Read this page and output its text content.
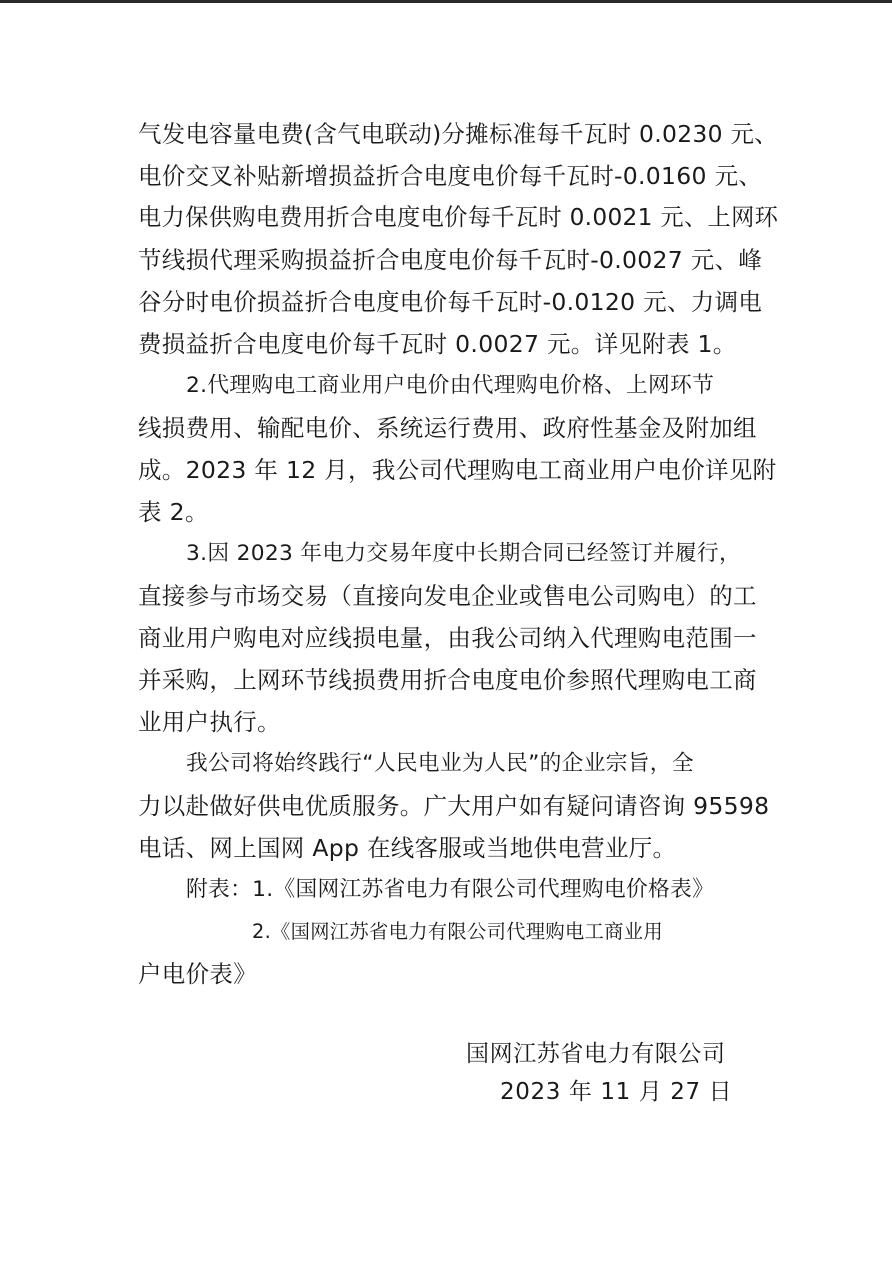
气发电容量电费(含气电联动)分摊标准每千瓦时 0.0230 元、
电价交叉补贴新增损益折合电度电价每千瓦时-0.0160 元、
电力保供购电费用折合电度电价每千瓦时 0.0021 元、上网环
节线损代理采购损益折合电度电价每千瓦时-0.0027 元、峰
谷分时电价损益折合电度电价每千瓦时-0.0120 元、力调电
费损益折合电度电价每千瓦时 0.0027 元。详见附表 1。
2.代理购电工商业用户电价由代理购电价格、上网环节
线损费用、输配电价、系统运行费用、政府性基金及附加组
成。2023 年 12 月，我公司代理购电工商业用户电价详见附
表 2。
3.因 2023 年电力交易年度中长期合同已经签订并履行，
直接参与市场交易（直接向发电企业或售电公司购电）的工
商业用户购电对应线损电量，由我公司纳入代理购电范围一
并采购，上网环节线损费用折合电度电价参照代理购电工商
业用户执行。
我公司将始终践行“人民电业为人民”的企业宗旨，全
力以赴做好供电优质服务。广大用户如有疑问请咨询 95598
电话、网上国网 App 在线客服或当地供电营业厅。
附表：1.《国网江苏省电力有限公司代理购电价格表》
2.《国网江苏省电力有限公司代理购电工商业用
户电价表》
国网江苏省电力有限公司
2023 年 11 月 27 日
